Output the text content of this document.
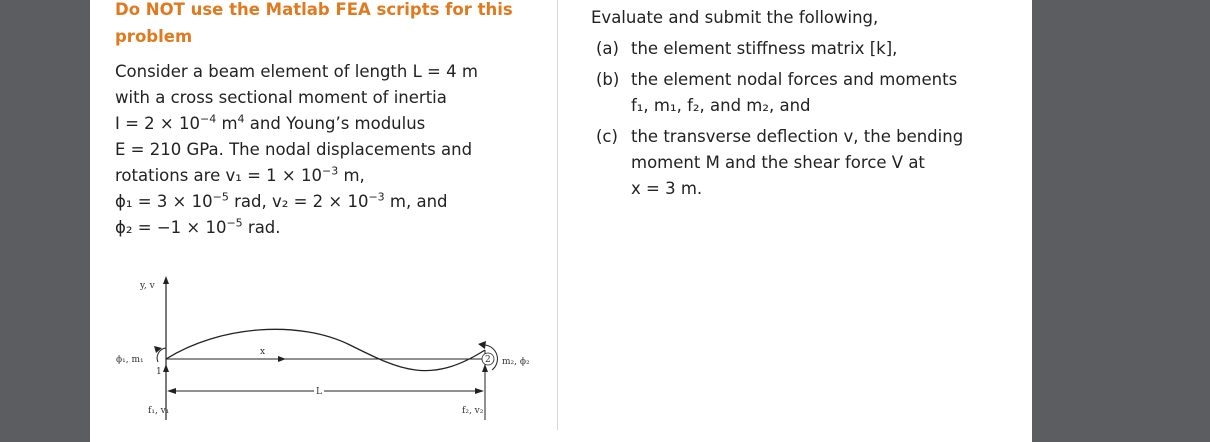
Do NOT use the Matlab FEA scripts for this problem
Consider a beam element of length L = 4 m
with a cross sectional moment of inertia
$I = 2 \times 10^{-4}$ $m^4$ and Young’s modulus
E = 210 GPa. The nodal displacements and
rotations are $v_1 = 1 \times 10^{-3}$ m,
$\phi_1 = 3 \times 10^{-5}$ rad, $v_2 = 2 \times 10^{-3}$ m, and
$\phi_2 = -1 \times 10^{-5}$ rad.
Evaluate and submit the following,
(a) the element stiffness matrix [k],
(b) the element nodal forces and moments
f₁, m₁, f₂, and m₂, and
(c) the transverse deflection v, the bending
moment M and the shear force V at
x = 3 m.
y, v
x
ϕ₁, m₁
1
f₁, v₁
2 m₂, ϕ₂
f₂, v₂
L
